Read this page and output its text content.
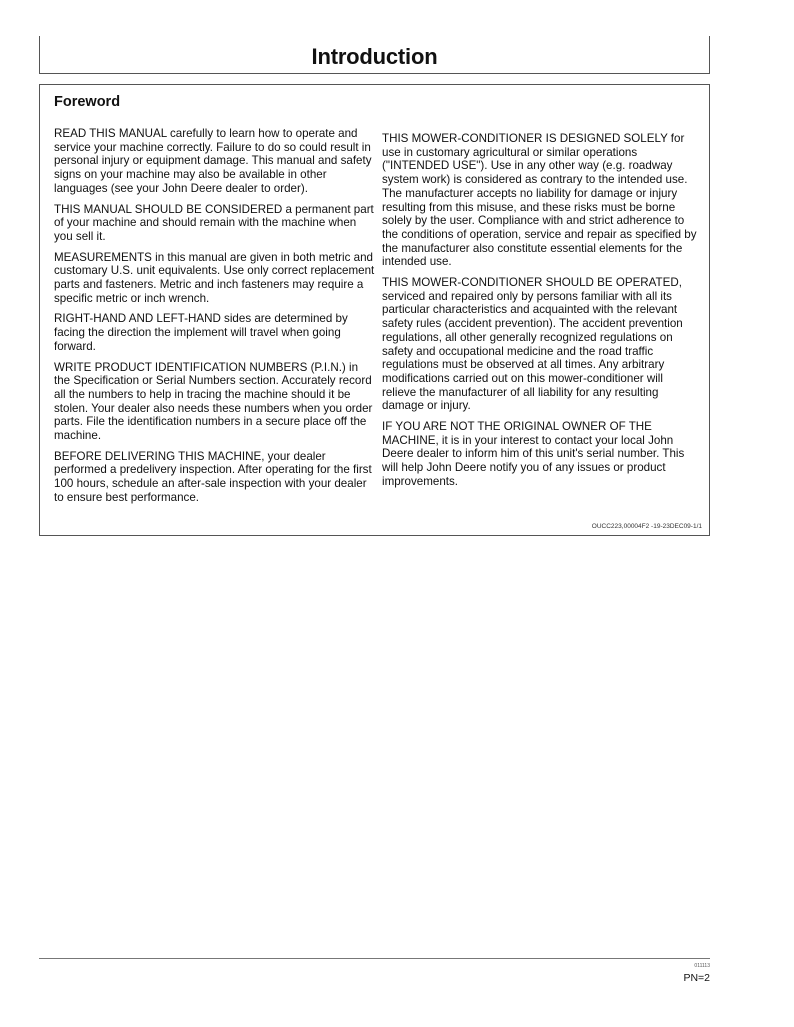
Introduction
Foreword

READ THIS MANUAL carefully to learn how to operate and service your machine correctly. Failure to do so could result in personal injury or equipment damage. This manual and safety signs on your machine may also be available in other languages (see your John Deere dealer to order).

THIS MANUAL SHOULD BE CONSIDERED a permanent part of your machine and should remain with the machine when you sell it.

MEASUREMENTS in this manual are given in both metric and customary U.S. unit equivalents. Use only correct replacement parts and fasteners. Metric and inch fasteners may require a specific metric or inch wrench.

RIGHT-HAND AND LEFT-HAND sides are determined by facing the direction the implement will travel when going forward.

WRITE PRODUCT IDENTIFICATION NUMBERS (P.I.N.) in the Specification or Serial Numbers section. Accurately record all the numbers to help in tracing the machine should it be stolen. Your dealer also needs these numbers when you order parts. File the identification numbers in a secure place off the machine.

BEFORE DELIVERING THIS MACHINE, your dealer performed a predelivery inspection. After operating for the first 100 hours, schedule an after-sale inspection with your dealer to ensure best performance.

THIS MOWER-CONDITIONER IS DESIGNED SOLELY for use in customary agricultural or similar operations ("INTENDED USE"). Use in any other way (e.g. roadway system work) is considered as contrary to the intended use. The manufacturer accepts no liability for damage or injury resulting from this misuse, and these risks must be borne solely by the user. Compliance with and strict adherence to the conditions of operation, service and repair as specified by the manufacturer also constitute essential elements for the intended use.

THIS MOWER-CONDITIONER SHOULD BE OPERATED, serviced and repaired only by persons familiar with all its particular characteristics and acquainted with the relevant safety rules (accident prevention). The accident prevention regulations, all other generally recognized regulations on safety and occupational medicine and the road traffic regulations must be observed at all times. Any arbitrary modifications carried out on this mower-conditioner will relieve the manufacturer of all liability for any resulting damage or injury.

IF YOU ARE NOT THE ORIGINAL OWNER OF THE MACHINE, it is in your interest to contact your local John Deere dealer to inform him of this unit's serial number. This will help John Deere notify you of any issues or product improvements.

OUCC223,00004F2 -19-23DEC09-1/1
011113
PN=2
